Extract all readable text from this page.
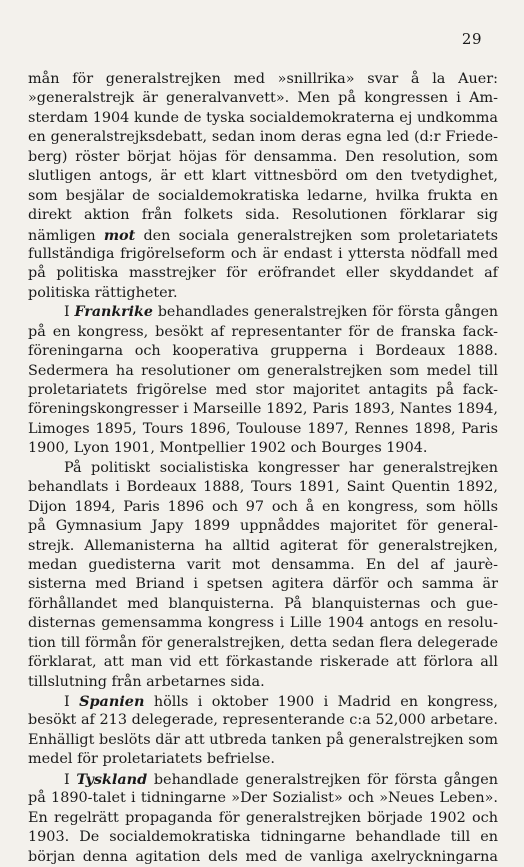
29
mån för generalstrejken med »snillrika» svar å la Auer:
»generalstrejk är generalvanvett». Men på kongressen i Am-
sterdam 1904 kunde de tyska socialdemokraterna ej undkomma
en generalstrejksdebatt, sedan inom deras egna led (d:r Friede-
berg) röster börjat höjas för densamma. Den resolution, som
slutligen antogs, är ett klart vittnesbörd om den tvetydighet,
som besjälar de socialdemokratiska ledarne, hvilka frukta en
direkt aktion från folkets sida. Resolutionen förklarar sig
nämligen mot den sociala generalstrejken som proletariatets
fullständiga frigörelseform och är endast i yttersta nödfall med
på politiska masstrejker för eröfrandet eller skyddandet af
politiska rättigheter.
I Frankrike behandlades generalstrejken för första gången
på en kongress, besökt af representanter för de franska fack-
föreningarna och kooperativa grupperna i Bordeaux 1888.
Sedermera ha resolutioner om generalstrejken som medel till
proletariatets frigörelse med stor majoritet antagits på fack-
föreningskongresser i Marseille 1892, Paris 1893, Nantes 1894,
Limoges 1895, Tours 1896, Toulouse 1897, Rennes 1898, Paris
1900, Lyon 1901, Montpellier 1902 och Bourges 1904.
På politiskt socialistiska kongresser har generalstrejken
behandlats i Bordeaux 1888, Tours 1891, Saint Quentin 1892,
Dijon 1894, Paris 1896 och 97 och å en kongress, som hölls
på Gymnasium Japy 1899 uppnåddes majoritet för general-
strejk. Allemanisterna ha alltid agiterat för generalstrejken,
medan guedisterna varit mot densamma. En del af jaurè-
sisterna med Briand i spetsen agitera därför och samma är
förhållandet med blanquisterna. På blanquisternas och gue-
disternas gemensamma kongress i Lille 1904 antogs en resolu-
tion till förmån för generalstrejken, detta sedan flera delegerade
förklarat, att man vid ett förkastande riskerade att förlora all
tillslutning från arbetarnes sida.
I Spanien hölls i oktober 1900 i Madrid en kongress,
besökt af 213 delegerade, representerande c:a 52,000 arbetare.
Enhälligt beslöts där att utbreda tanken på generalstrejken som
medel för proletariatets befrielse.
I Tyskland behandlade generalstrejken för första gången
på 1890-talet i tidningarne »Der Sozialist» och »Neues Leben».
En regelrätt propaganda för generalstrejken började 1902 och
1903. De socialdemokratiska tidningarne behandlade till en
början denna agitation dels med de vanliga axelryckningarna
